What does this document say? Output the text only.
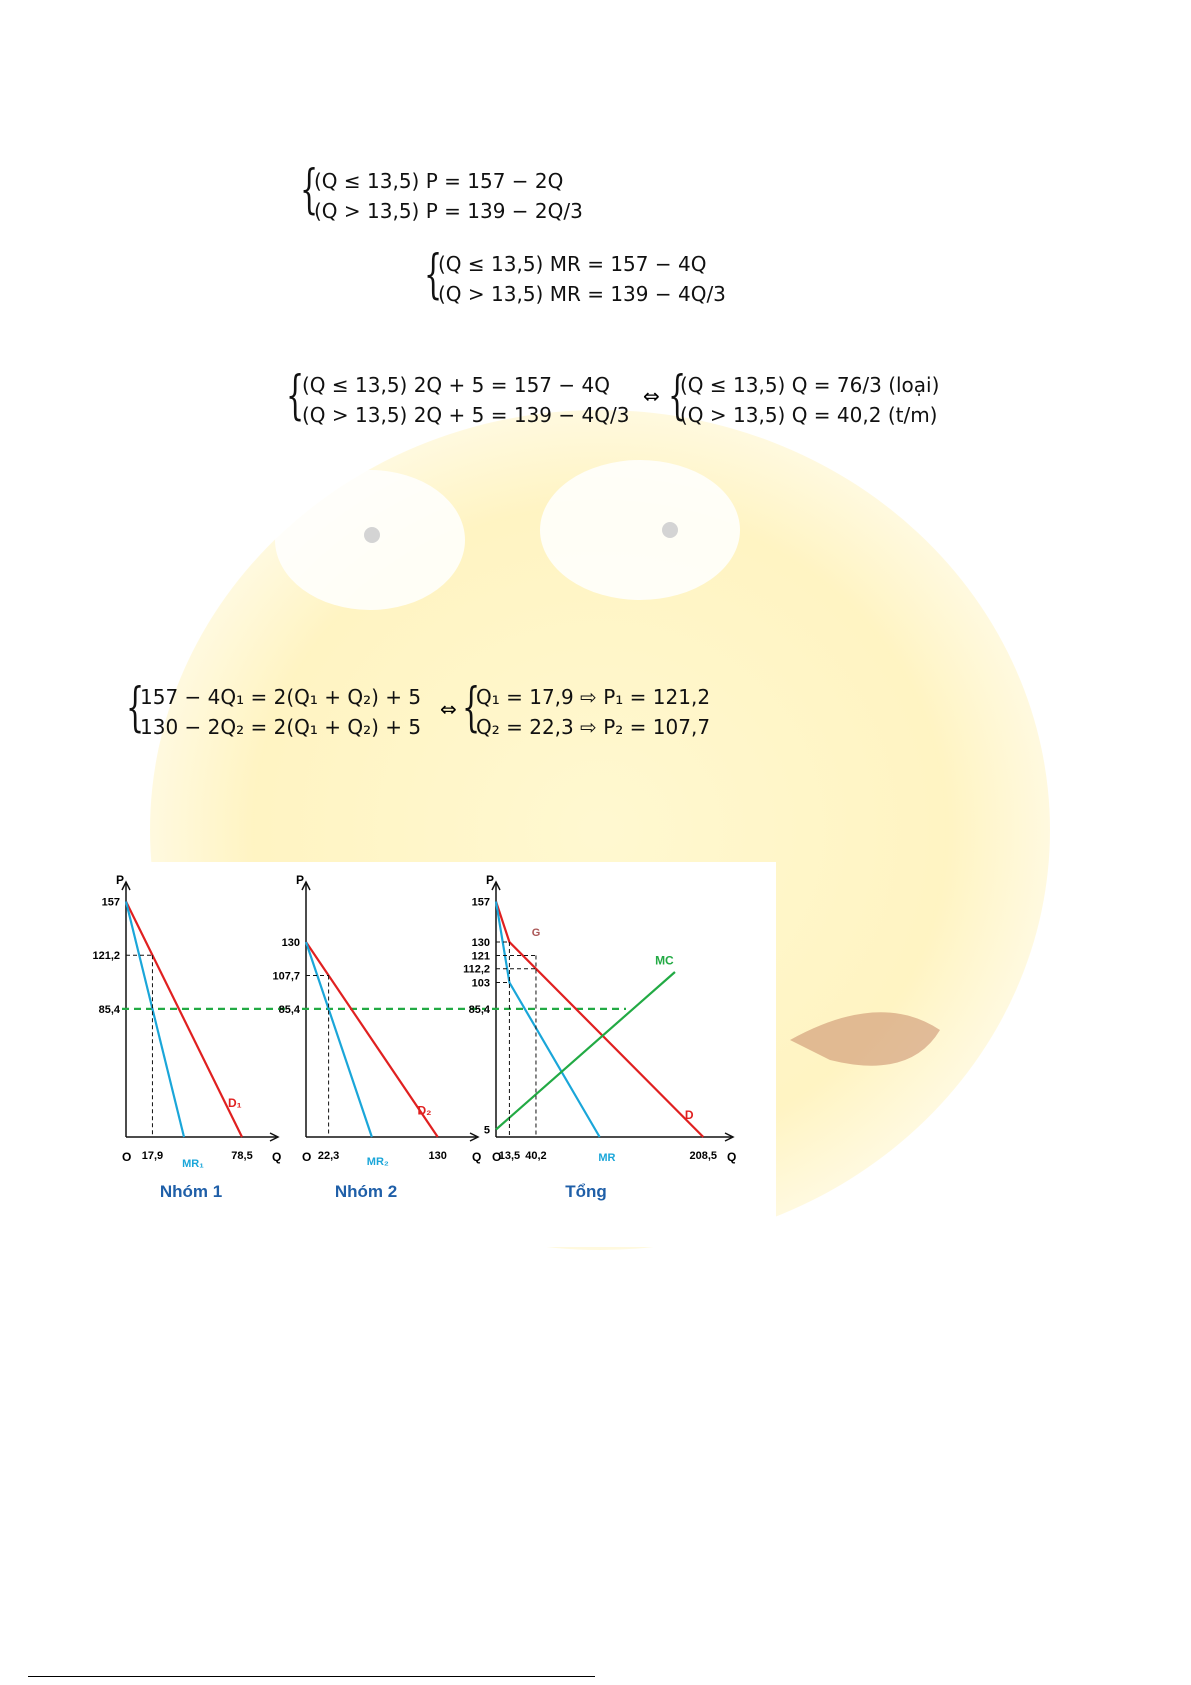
{
(Q ≤ 13,5) P = 157 − 2Q
(Q > 13,5) P = 139 − 2Q/3
{
(Q ≤ 13,5) MR = 157 − 4Q
(Q > 13,5) MR = 139 − 4Q/3
{
(Q ≤ 13,5) 2Q + 5 = 157 − 4Q
(Q > 13,5) 2Q + 5 = 139 − 4Q/3
⇔ {
(Q ≤ 13,5) Q = 76/3 (loại)
(Q > 13,5) Q = 40,2 (t/m)
{
157 − 4Q₁ = 2(Q₁ + Q₂) + 5
130 − 2Q₂ = 2(Q₁ + Q₂) + 5
⇔ {
Q₁ = 17,9 ⇨ P₁ = 121,2
Q₂ = 22,3 ⇨ P₂ = 107,7
P
Q
O
D₁
MR₁
157
121,2
85,4
17,9	78,5
Nhóm 1
P
Q
O
D₂
MR₂
130
107,7
85,4
22,3	130
Nhóm 2
P
Q
O
D
MR
MC
G
157
130
121
112,2
103
85,4
5
13,5 40,2	208,5
Tổng
